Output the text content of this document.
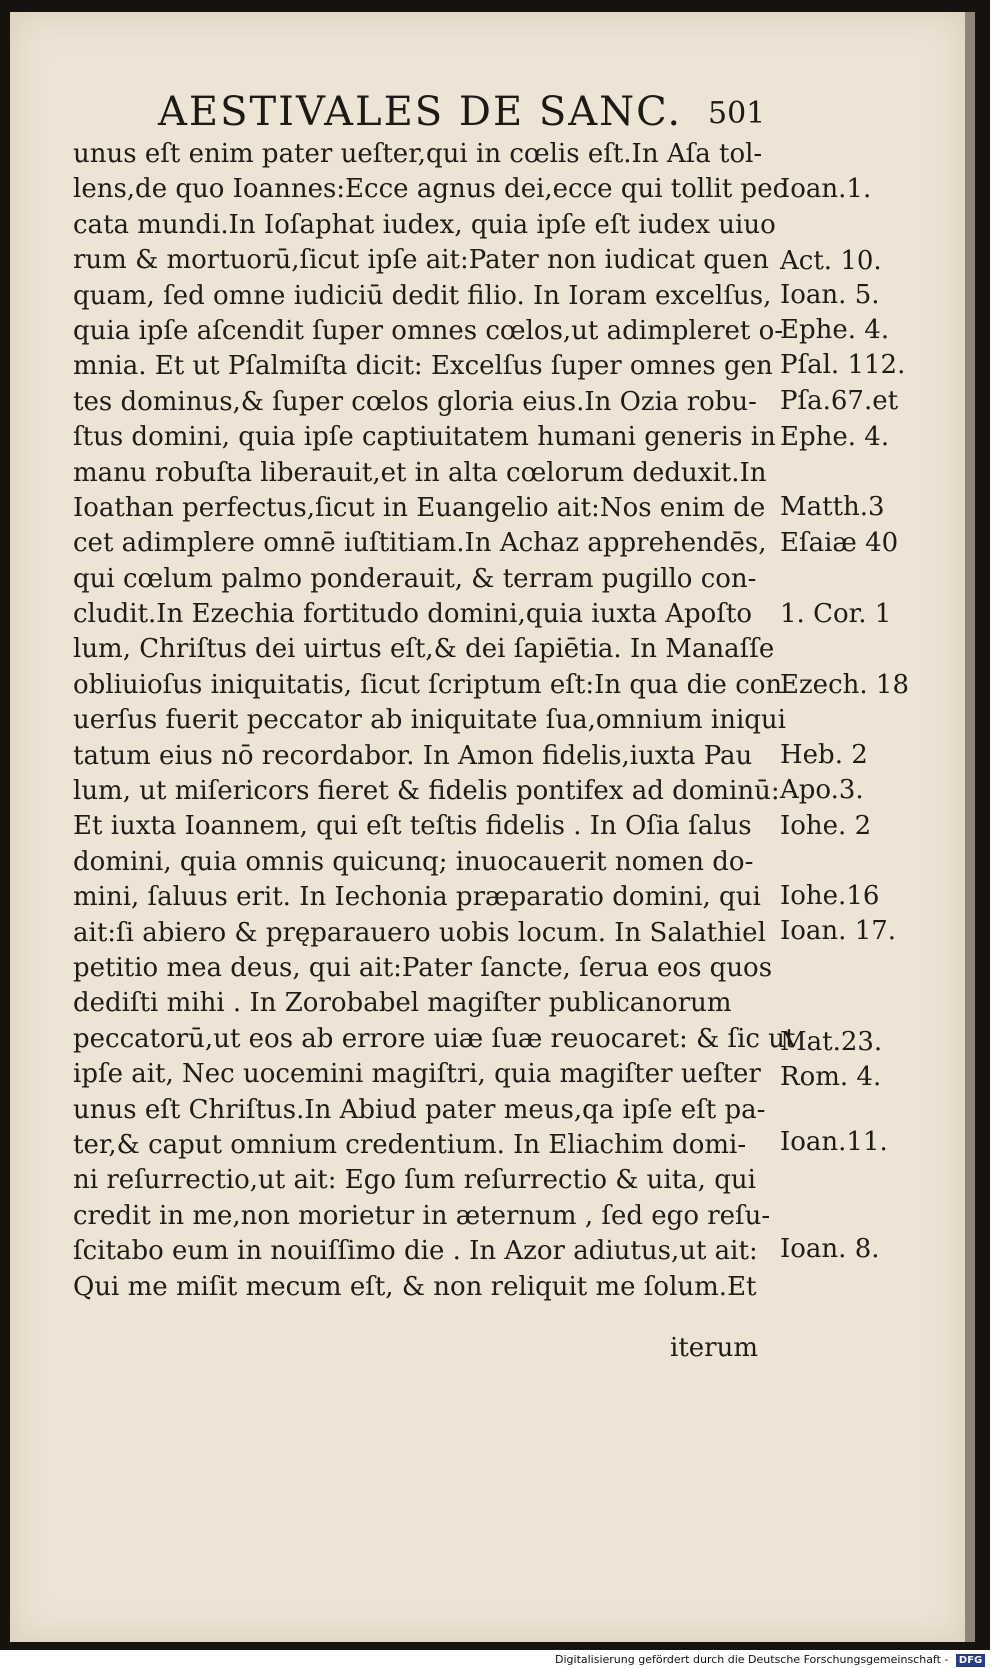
AESTIVALES DE SANC. 501
unus eſt enim pater ueſter,qui in cœlis eſt.In Aſa tol-
lens,de quo Ioannes:Ecce agnus dei,ecce qui tollit pec
cata mundi.In Ioſaphat iudex, quia ipſe eſt iudex uiuo
rum & mortuorū,ſicut ipſe ait:Pater non iudicat quen
quam, ſed omne iudiciū dedit filio. In Ioram excelſus,
quia ipſe aſcendit ſuper omnes cœlos,ut adimpleret o-
mnia. Et ut Pſalmiſta dicit: Excelſus ſuper omnes gen
tes dominus,& ſuper cœlos gloria eius.In Ozia robu-
ſtus domini, quia ipſe captiuitatem humani generis in
manu robuſta liberauit,et in alta cœlorum deduxit.In
Ioathan perfectus,ſicut in Euangelio ait:Nos enim de
cet adimplere omnē iuſtitiam.In Achaz apprehendēs,
qui cœlum palmo ponderauit, & terram pugillo con-
cludit.In Ezechia fortitudo domini,quia iuxta Apoſto
lum, Chriſtus dei uirtus eſt,& dei ſapiētia. In Manaſſe
obliuioſus iniquitatis, ſicut ſcriptum eſt:In qua die con
uerſus fuerit peccator ab iniquitate ſua,omnium iniqui
tatum eius nō recordabor. In Amon fidelis,iuxta Pau
lum, ut miſericors fieret & fidelis pontifex ad dominū:
Et iuxta Ioannem, qui eſt teſtis fidelis . In Oſia ſalus
domini, quia omnis quicunq; inuocauerit nomen do-
mini, ſaluus erit. In Iechonia præparatio domini, qui
ait:ſi abiero & pręparauero uobis locum. In Salathiel
petitio mea deus, qui ait:Pater ſancte, ſerua eos quos
dediſti mihi . In Zorobabel magiſter publicanorum
peccatorū,ut eos ab errore uiæ ſuæ reuocaret: & ſic ut
ipſe ait, Nec uocemini magiſtri, quia magiſter ueſter
unus eſt Chriſtus.In Abiud pater meus,qa ipſe eſt pa-
ter,& caput omnium credentium. In Eliachim domi-
ni reſurrectio,ut ait: Ego ſum reſurrectio & uita, qui
credit in me,non morietur in æternum , ſed ego reſu-
ſcitabo eum in nouiſſimo die . In Azor adiutus,ut ait:
Qui me miſit mecum eſt, & non reliquit me ſolum.Et
Ioan.1.
Act. 10.
Ioan. 5.
Ephe. 4.
Pſal. 112.
Pſa.67.et
Ephe. 4.
Matth.3
Eſaiæ 40
1. Cor. 1
Ezech. 18
Heb. 2
Apo.3.
Iohe. 2
Iohe.16
Ioan. 17.
Mat.23.
Rom. 4.
Ioan.11.
Ioan. 8.
iterum
Digitalisierung gefördert durch die Deutsche Forschungsgemeinschaft - DFG
